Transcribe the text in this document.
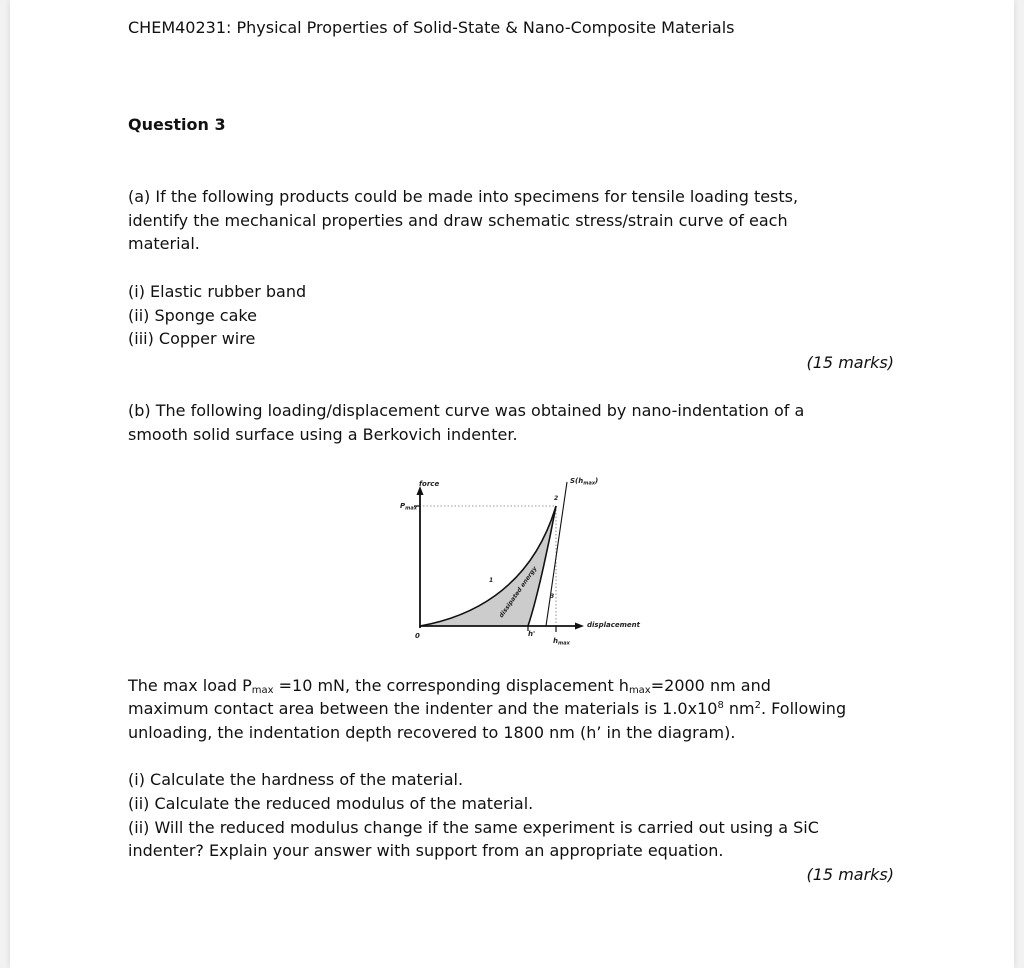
CHEM40231: Physical Properties of Solid-State & Nano-Composite Materials
Question 3
(a) If the following products could be made into specimens for tensile loading tests,
identify the mechanical properties and draw schematic stress/strain curve of each
material.
(i) Elastic rubber band
(ii) Sponge cake
(iii) Copper wire
(15 marks)
(b) The following loading/displacement curve was obtained by nano-indentation of a
smooth solid surface using a Berkovich indenter.
force
$P_{max}$
$S(h_{max})$
displacement
0	h'
$h_{max}$
1
2
3
dissipated energy
The max load $P_{max} =10$ mN, the corresponding displacement $h_{max}=2000$ nm and
maximum contact area between the indenter and the materials is $1.0x10^8$ $nm^2$. Following
unloading, the indentation depth recovered to 1800 nm (h’ in the diagram).
(i) Calculate the hardness of the material.
(ii) Calculate the reduced modulus of the material.
(ii) Will the reduced modulus change if the same experiment is carried out using a SiC
indenter? Explain your answer with support from an appropriate equation.
(15 marks)
